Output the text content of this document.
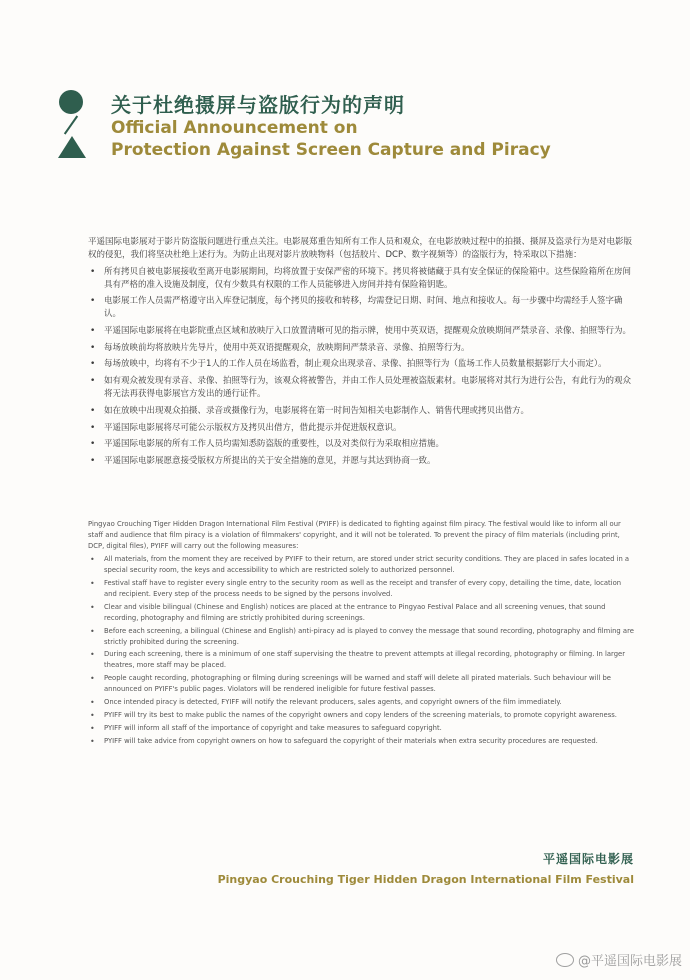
关于杜绝摄屏与盗版行为的声明
Official Announcement on
Protection Against Screen Capture and Piracy

平遥国际电影展对于影片防盗版问题进行重点关注。电影展郑重告知所有工作人员和观众，在电影放映过程中的拍摄、摄屏及盗录行为是对电影版权的侵犯，我们将坚决杜绝上述行为。为防止出现对影片放映物料（包括胶片、DCP、数字视频等）的盗版行为，特采取以下措施：

• 所有拷贝自被电影展接收至离开电影展期间，均将放置于安保严密的环境下。拷贝将被储藏于具有安全保证的保险箱中。这些保险箱所在房间具有严格的准入设施及制度，仅有少数具有权限的工作人员能够进入房间并持有保险箱钥匙。
• 电影展工作人员需严格遵守出入库登记制度，每个拷贝的接收和转移，均需登记日期、时间、地点和接收人。每一步骤中均需经手人签字确认。
• 平遥国际电影展将在电影院重点区域和放映厅入口放置清晰可见的指示牌，使用中英双语，提醒观众放映期间严禁录音、录像、拍照等行为。
• 每场放映前均将放映片先导片，使用中英双语提醒观众，放映期间严禁录音、录像、拍照等行为。
• 每场放映中，均将有不少于1人的工作人员在场监看，制止观众出现录音、录像、拍照等行为（监场工作人员数量根据影厅大小而定）。
• 如有观众被发现有录音、录像、拍照等行为，该观众将被警告，并由工作人员处理被盗版素材。电影展将对其行为进行公告，有此行为的观众将无法再获得电影展官方发出的通行证件。
• 如在放映中出现观众拍摄、录音或摄像行为，电影展将在第一时间告知相关电影制作人、销售代理或拷贝出借方。
• 平遥国际电影展将尽可能公示版权方及拷贝出借方，借此提示并促进版权意识。
• 平遥国际电影展的所有工作人员均需知悉防盗版的重要性，以及对类似行为采取相应措施。
• 平遥国际电影展愿意接受版权方所提出的关于安全措施的意见，并愿与其达到协商一致。

Pingyao Crouching Tiger Hidden Dragon International Film Festival (PYIFF) is dedicated to fighting against film piracy. The festival would like to inform all our staff and audience that film piracy is a violation of filmmakers' copyright, and it will not be tolerated. To prevent the piracy of film materials (including print, DCP, digital files), PYIFF will carry out the following measures:

• All materials, from the moment they are received by PYIFF to their return, are stored under strict security conditions. They are placed in safes located in a special security room, the keys and accessibility to which are restricted solely to authorized personnel.
• Festival staff have to register every single entry to the security room as well as the receipt and transfer of every copy, detailing the time, date, location and recipient. Every step of the process needs to be signed by the persons involved.
• Clear and visible bilingual (Chinese and English) notices are placed at the entrance to Pingyao Festival Palace and all screening venues, that sound recording, photography and filming are strictly prohibited during screenings.
• Before each screening, a bilingual (Chinese and English) anti-piracy ad is played to convey the message that sound recording, photography and filming are strictly prohibited during the screening.
• During each screening, there is a minimum of one staff supervising the theatre to prevent attempts at illegal recording, photography or filming. In larger theatres, more staff may be placed.
• People caught recording, photographing or filming during screenings will be warned and staff will delete all pirated materials. Such behaviour will be announced on PYIFF's public pages. Violators will be rendered ineligible for future festival passes.
• Once intended piracy is detected, FYIFF will notify the relevant producers, sales agents, and copyright owners of the film immediately.
• PYIFF will try its best to make public the names of the copyright owners and copy lenders of the screening materials, to promote copyright awareness.
• PYIFF will inform all staff of the importance of copyright and take measures to safeguard copyright.
• PYIFF will take advice from copyright owners on how to safeguard the copyright of their materials when extra security procedures are requested.
平遥国际电影展
Pingyao Crouching Tiger Hidden Dragon International Film Festival
@平遥国际电影展
